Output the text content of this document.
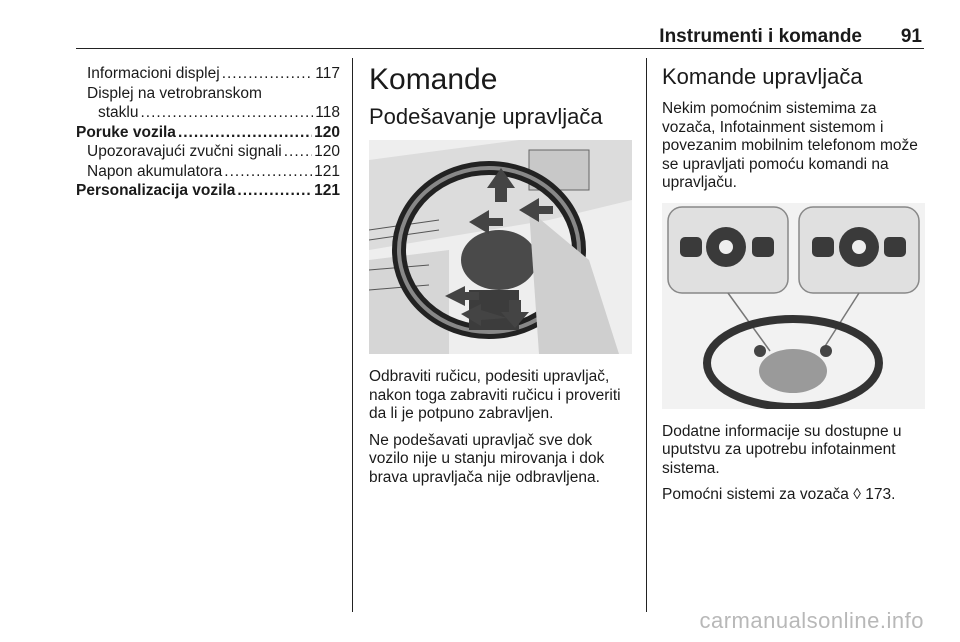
Instrumenti i komande 91
Informacioni displej .....	117
Displej na vetrobranskom
staklu .....	118
Poruke vozila .....	120
Upozoravajući zvučni signali ..... 120
Napon akumulatora .....	121
Personalizacija vozila .....	121
Komande
Podešavanje upravljača

Odbraviti ručicu, podesiti upravljač, nakon toga zabraviti ručicu i proveriti da li je potpuno zabravljen.

Ne podešavati upravljač sve dok vozilo nije u stanju mirovanja i dok brava upravljača nije odbravljena.

Komande upravljača

Nekim pomoćnim sistemima za vozača, Infotainment sistemom i povezanim mobilnim telefonom može se upravljati pomoću komandi na upravljaču.

Dodatne informacije su dostupne u uputstvu za upotrebu infotainment sistema.

Pomoćni sistemi za vozača ◊ 173.

carmanualsonline.info
